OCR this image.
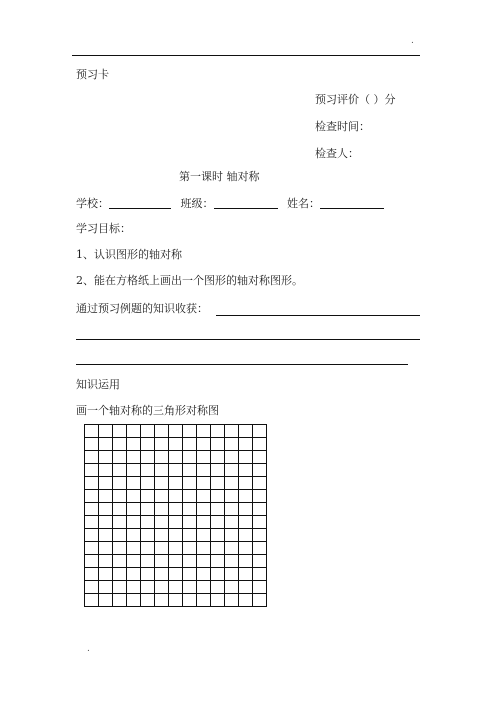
.
预习卡
预习评价（ ）分
检查时间：
检查人：
第一课时 轴对称
学校：	班级：	姓名：
学习目标：
1、认识图形的轴对称
2、能在方格纸上画出一个图形的轴对称图形。
通过预习例题的知识收获：
知识运用
画一个轴对称的三角形对称图

.
